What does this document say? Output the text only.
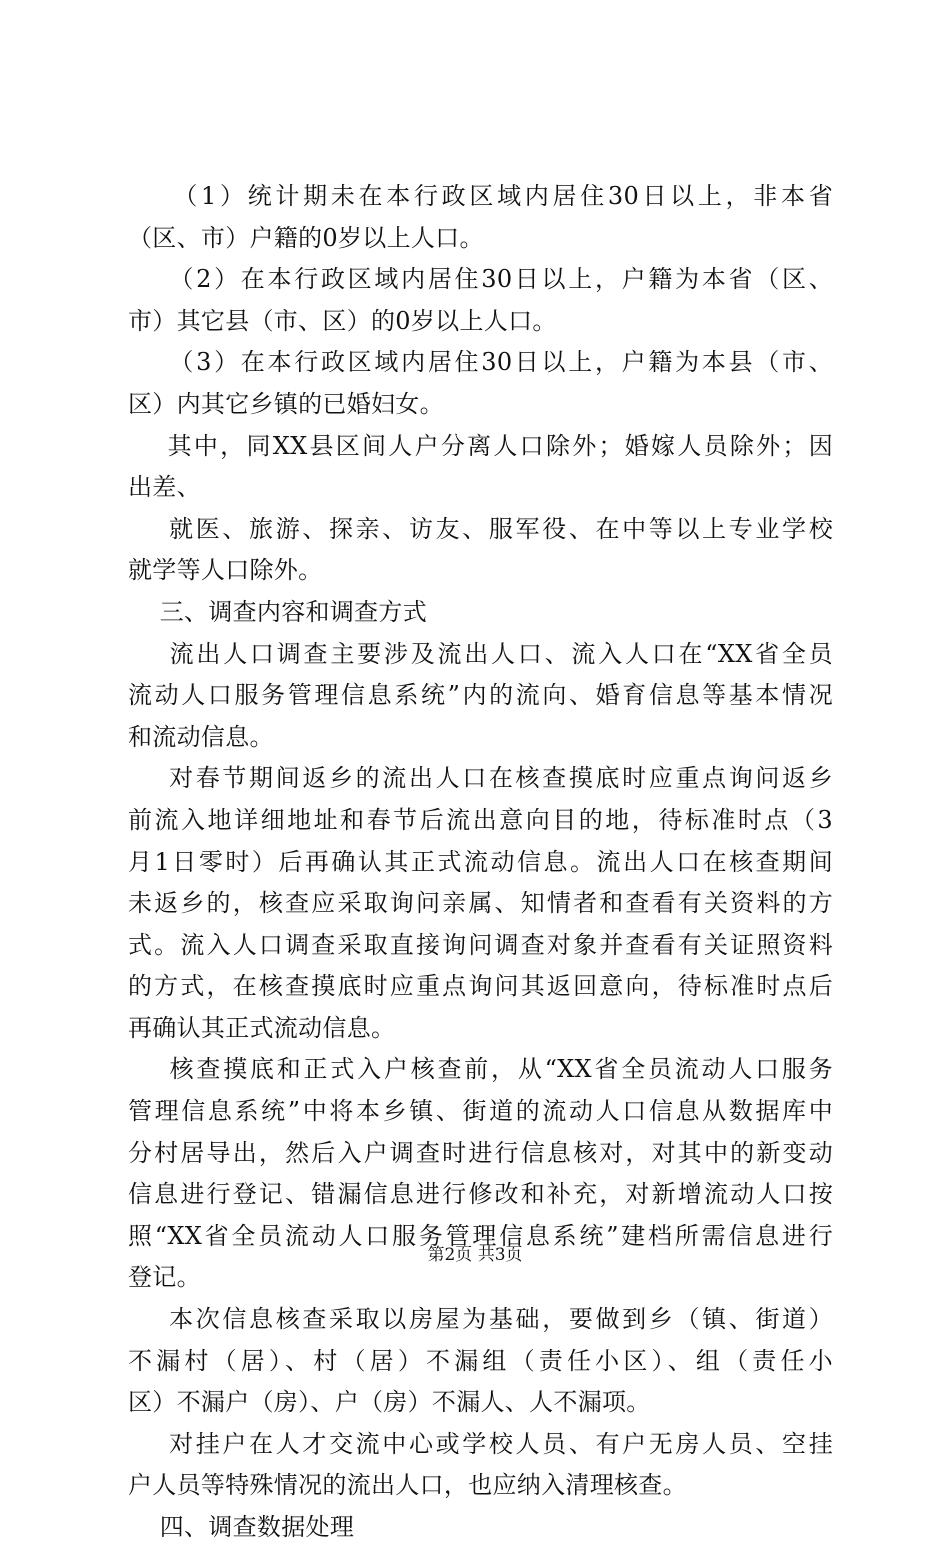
（1）统计期未在本行政区域内居住30日以上，非本省
（区、市）户籍的0岁以上人口。
（2）在本行政区域内居住30日以上，户籍为本省（区、
市）其它县（市、区）的0岁以上人口。
（3）在本行政区域内居住30日以上，户籍为本县（市、
区）内其它乡镇的已婚妇女。
其中，同XX县区间人户分离人口除外；婚嫁人员除外；因
出差、
就医、旅游、探亲、访友、服军役、在中等以上专业学校
就学等人口除外。
三、调查内容和调查方式
流出人口调查主要涉及流出人口、流入人口在“XX省全员
流动人口服务管理信息系统”内的流向、婚育信息等基本情况
和流动信息。
对春节期间返乡的流出人口在核查摸底时应重点询问返乡
前流入地详细地址和春节后流出意向目的地，待标准时点（3
月1日零时）后再确认其正式流动信息。流出人口在核查期间
未返乡的，核查应采取询问亲属、知情者和查看有关资料的方
式。流入人口调查采取直接询问调查对象并查看有关证照资料
的方式，在核查摸底时应重点询问其返回意向，待标准时点后
再确认其正式流动信息。
核查摸底和正式入户核查前，从“XX省全员流动人口服务
管理信息系统”中将本乡镇、街道的流动人口信息从数据库中
分村居导出，然后入户调查时进行信息核对，对其中的新变动
信息进行登记、错漏信息进行修改和补充，对新增流动人口按
照“XX省全员流动人口服务管理信息系统”建档所需信息进行
登记。
本次信息核查采取以房屋为基础，要做到乡（镇、街道）
不漏村（居）、村（居）不漏组（责任小区）、组（责任小
区）不漏户（房）、户（房）不漏人、人不漏项。
对挂户在人才交流中心或学校人员、有户无房人员、空挂
户人员等特殊情况的流出人口，也应纳入清理核查。
四、调查数据处理
第2页 共3页
